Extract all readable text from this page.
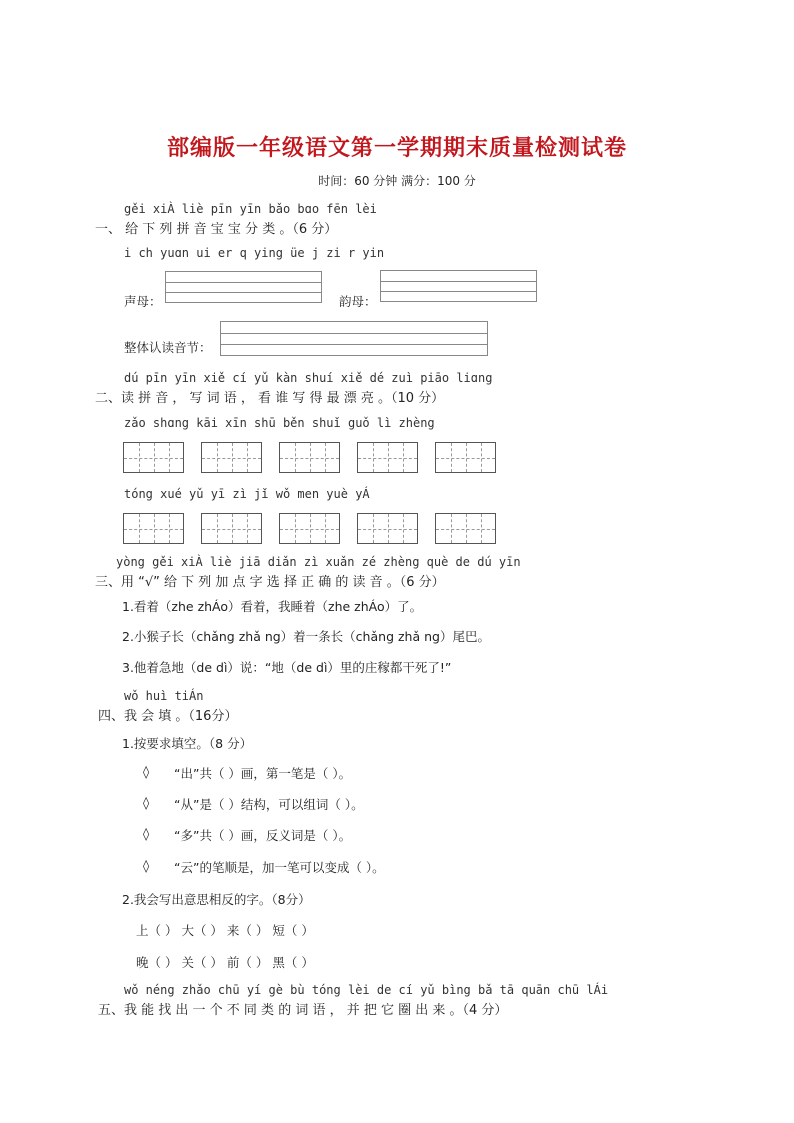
部编版一年级语文第一学期期末质量检测试卷
时间：60 分钟 满分：100 分
gěi xiÀ liè pīn yīn bǎo bɑo fēn lèi
一、 给 下 列 拼 音 宝 宝 分 类 。（6 分）
i ch yuɑn ui er q ying üe j zi r yin
声母：	韵母：
整体认读音节：
dú pīn yīn xiě cí yǔ kàn shuí xiě dé zuì piāo liɑng
二、读 拼 音 ， 写 词 语 ， 看 谁 写 得 最 漂 亮 。（10 分）
zǎo shɑng kāi xīn shū běn shuǐ guǒ lì zhèng
tóng xué yǔ yī zì jǐ wǒ men yuè yÁ
yòng gěi xiÀ liè jiā diǎn zì xuǎn zé zhèng què de dú yīn
三、用 “√” 给 下 列 加 点 字 选 择 正 确 的 读 音 。（6 分）
1.看着（zhe zhÁo）看着，我睡着（zhe zhÁo）了。
2.小猴子长（chǎng zhǎ ng）着一条长（chǎng zhǎ ng）尾巴。
3.他着急地（de dì）说：“地（de dì）里的庄稼都干死了!”
wǒ huì tiÁn
四、我 会 填 。（16分）
1.按要求填空。（8 分）
◊ “出”共（ ）画，第一笔是（ ）。
◊ “从”是（ ）结构，可以组词（ ）。
◊ “多”共（ ）画，反义词是（ ）。
◊ “云”的笔顺是，加一笔可以变成（ ）。
2.我会写出意思相反的字。（8分）
上（ ） 大（ ） 来（ ） 短（ ）
晚（ ） 关（ ） 前（ ） 黑（ ）
wǒ néng zhǎo chū yí gè bù tóng lèi de cí yǔ bìng bǎ tā quān chū lÁi
五、我 能 找 出 一 个 不 同 类 的 词 语 ， 并 把 它 圈 出 来 。（4 分）
